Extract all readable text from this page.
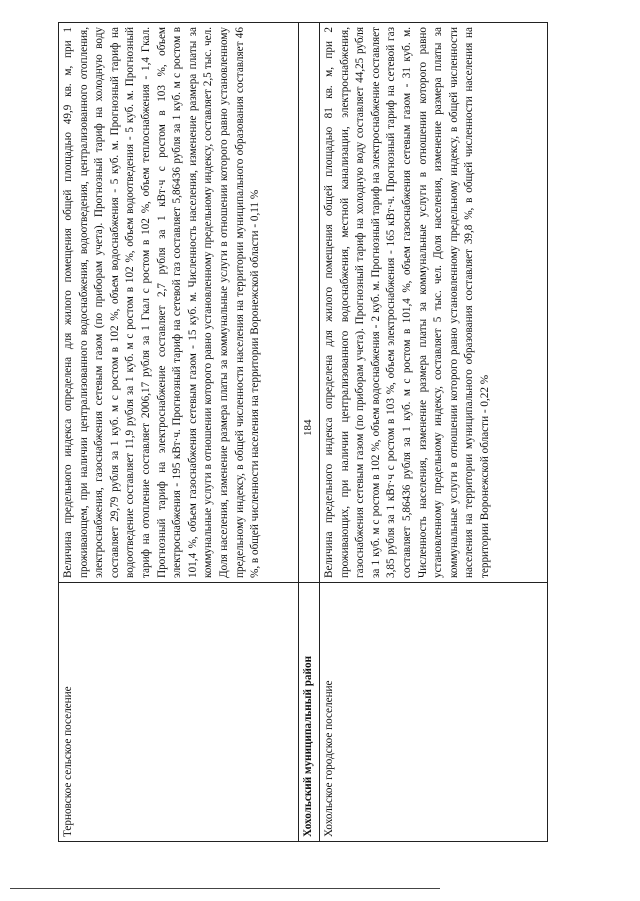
184
Терновское сельское поселение	Величина предельного индекса определена для жилого помещения общей площадью 49,9 кв. м, при 1 проживающем, при наличии централизованного водоснабжения, водоотведения, централизованного отопления, электроснабжения, газоснабжения сетевым газом (по приборам учета). Прогнозный тариф на холодную воду составляет 29,79 рубля за 1 куб. м с ростом в 102 %, объем водоснабжения - 5 куб. м. Прогнозный тариф на водоотведение составляет 11,9 рубля за 1 куб. м с ростом в 102 %, объем водоотведения - 5 куб. м. Прогнозный тариф на отопление составляет 2006,17 рубля за 1 Гкал с ростом в 102 %, объем теплоснабжения - 1,4 Гкал. Прогнозный тариф на электроснабжение составляет 2,7 рубля за 1 кВт·ч с ростом в 103 %, объем электроснабжения - 195 кВт·ч. Прогнозный тариф на сетевой газ составляет 5,86436 рубля за 1 куб. м с ростом в 101,4 %, объем газоснабжения сетевым газом - 15 куб. м. Численность населения, изменение размера платы за коммунальные услуги в отношении которого равно установленному предельному индексу, составляет 2,5 тыс. чел. Доля населения, изменение размера платы за коммунальные услуги в отношении которого равно установленному предельному индексу, в общей численности населения на территории муниципального образования составляет 46 %, в общей численности населения на территории Воронежской области - 0,11 %
Хохольский муниципальный район	
Хохольское городское поселение	Величина предельного индекса определена для жилого помещения общей площадью 81 кв. м, при 2 проживающих, при наличии централизованного водоснабжения, местной канализации, электроснабжения, газоснабжения сетевым газом (по приборам учета). Прогнозный тариф на холодную воду составляет 44,25 рубля за 1 куб. м с ростом в 102 %, объем водоснабжения - 2 куб. м. Прогнозный тариф на электроснабжение составляет 3,85 рубля за 1 кВт·ч с ростом в 103 %, объем электроснабжения - 165 кВт·ч. Прогнозный тариф на сетевой газ составляет 5,86436 рубля за 1 куб. м с ростом в 101,4 %, объем газоснабжения сетевым газом - 31 куб. м. Численность населения, изменение размера платы за коммунальные услуги в отношении которого равно установленному предельному индексу, составляет 5 тыс. чел. Доля населения, изменение размера платы за коммунальные услуги в отношении которого равно установленному предельному индексу, в общей численности населения на территории муниципального образования составляет 39,8 %, в общей численности населения на территории Воронежской области - 0,22 %
